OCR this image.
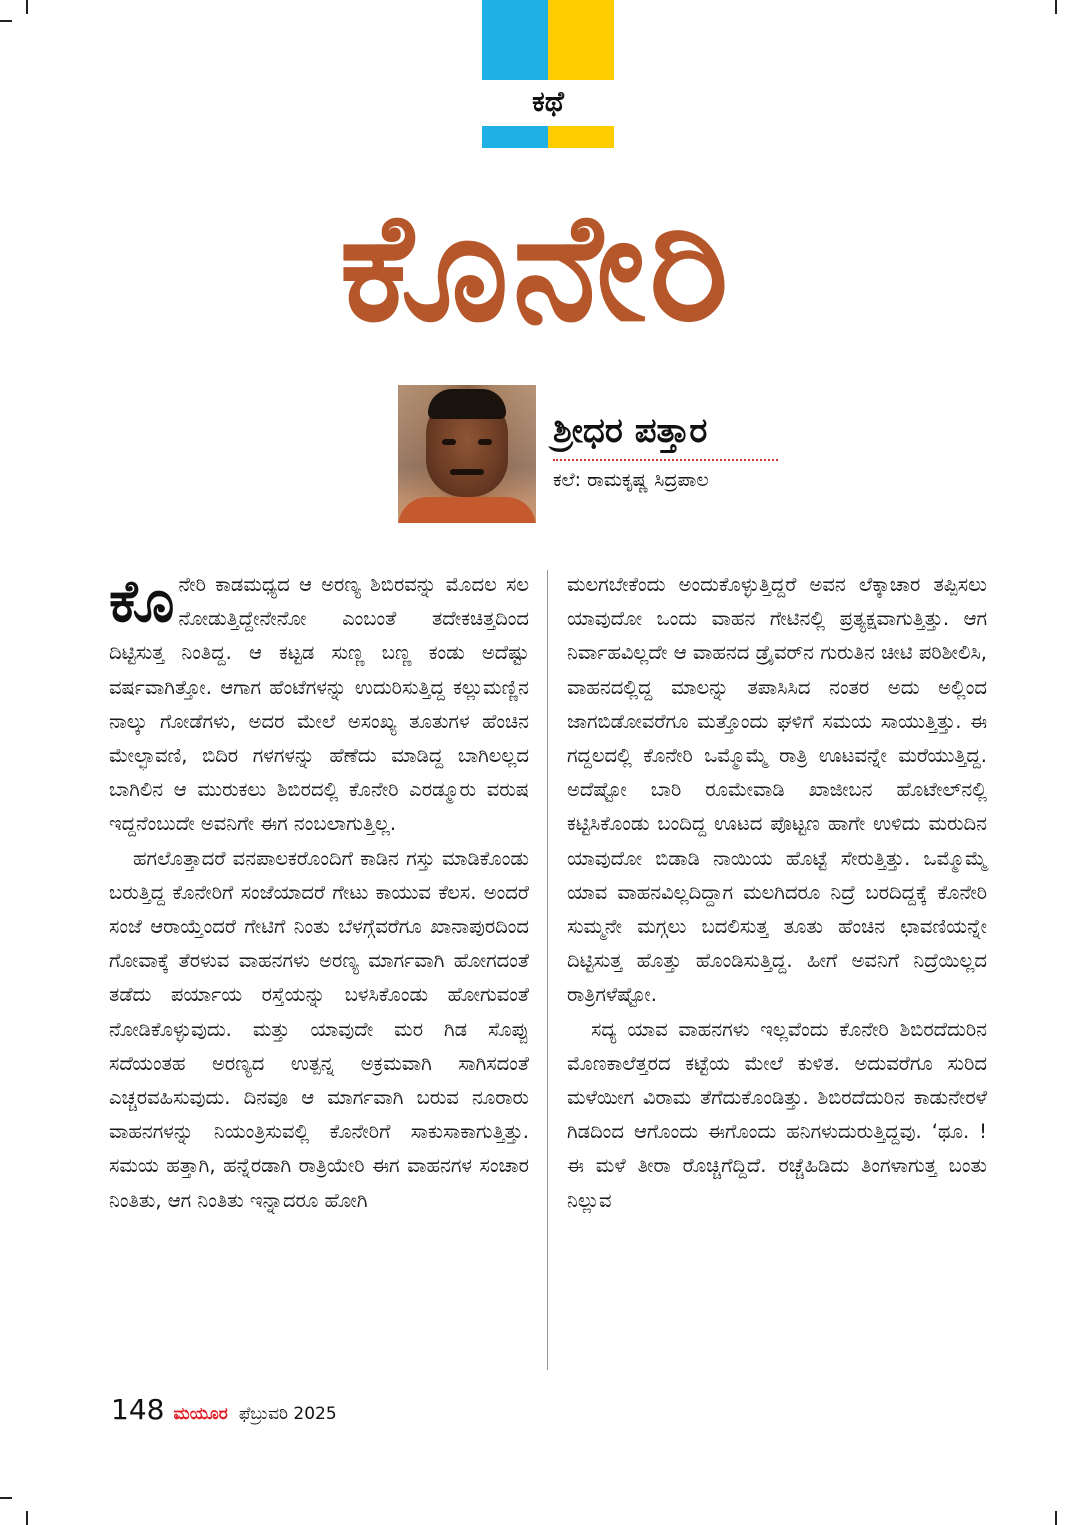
ಕಥೆ
ಕೊನೇರಿ
ಶ್ರೀಧರ ಪತ್ತಾರ
ಕಲೆ: ರಾಮಕೃಷ್ಣ ಸಿದ್ರಪಾಲ

ಕೊನೇರಿ ಕಾಡಮಧ್ಯದ ಆ ಅರಣ್ಯ ಶಿಬಿರವನ್ನು ಮೊದಲ ಸಲ ನೋಡುತ್ತಿದ್ದೇನೇನೋ ಎಂಬಂತೆ ತದೇಕಚಿತ್ತದಿಂದ ದಿಟ್ಟಿಸುತ್ತ ನಿಂತಿದ್ದ. ಆ ಕಟ್ಟಡ ಸುಣ್ಣ ಬಣ್ಣ ಕಂಡು ಅದೆಷ್ಟು ವರ್ಷವಾಗಿತ್ತೋ. ಆಗಾಗ ಹೆಂಟೆಗಳನ್ನು ಉದುರಿಸುತ್ತಿದ್ದ ಕಲ್ಲುಮಣ್ಣಿನ ನಾಲ್ಕು ಗೋಡೆಗಳು, ಅದರ ಮೇಲೆ ಅಸಂಖ್ಯ ತೂತುಗಳ ಹೆಂಚಿನ ಮೇಲ್ಛಾವಣಿ, ಬಿದಿರ ಗಳಗಳನ್ನು ಹೆಣೆದು ಮಾಡಿದ್ದ ಬಾಗಿಲಲ್ಲದ ಬಾಗಿಲಿನ ಆ ಮುರುಕಲು ಶಿಬಿರದಲ್ಲಿ ಕೊನೇರಿ ಎರಡ್ಮೂರು ವರುಷ ಇದ್ದನೆಂಬುದೇ ಅವನಿಗೇ ಈಗ ನಂಬಲಾಗುತ್ತಿಲ್ಲ.

ಹಗಲೊತ್ತಾದರೆ ವನಪಾಲಕರೊಂದಿಗೆ ಕಾಡಿನ ಗಸ್ತು ಮಾಡಿಕೊಂಡು ಬರುತ್ತಿದ್ದ ಕೊನೇರಿಗೆ ಸಂಜೆಯಾದರೆ ಗೇಟು ಕಾಯುವ ಕೆಲಸ. ಅಂದರೆ ಸಂಜೆ ಆರಾಯ್ತೆಂದರೆ ಗೇಟಿಗೆ ನಿಂತು ಬೆಳಗ್ಗೆವರೆಗೂ ಖಾನಾಪುರದಿಂದ ಗೋವಾಕ್ಕೆ ತೆರಳುವ ವಾಹನಗಳು ಅರಣ್ಯ ಮಾರ್ಗವಾಗಿ ಹೋಗದಂತೆ ತಡೆದು ಪರ್ಯಾಯ ರಸ್ತೆಯನ್ನು ಬಳಸಿಕೊಂಡು ಹೋಗುವಂತೆ ನೋಡಿಕೊಳ್ಳುವುದು. ಮತ್ತು ಯಾವುದೇ ಮರ ಗಿಡ ಸೊಪ್ಪು ಸದೆಯಂತಹ ಅರಣ್ಯದ ಉತ್ಪನ್ನ ಅಕ್ರಮವಾಗಿ ಸಾಗಿಸದಂತೆ ಎಚ್ಚರವಹಿಸುವುದು. ದಿನವೂ ಆ ಮಾರ್ಗವಾಗಿ ಬರುವ ನೂರಾರು ವಾಹನಗಳನ್ನು ನಿಯಂತ್ರಿಸುವಲ್ಲಿ ಕೊನೇರಿಗೆ ಸಾಕುಸಾಕಾಗುತ್ತಿತ್ತು. ಸಮಯ ಹತ್ತಾಗಿ, ಹನ್ನೆರಡಾಗಿ ರಾತ್ರಿಯೇರಿ ಈಗ ವಾಹನಗಳ ಸಂಚಾರ ನಿಂತಿತು, ಆಗ ನಿಂತಿತು ಇನ್ನಾದರೂ ಹೋಗಿ

ಮಲಗಬೇಕೆಂದು ಅಂದುಕೊಳ್ಳುತ್ತಿದ್ದರೆ ಅವನ ಲೆಕ್ಕಾಚಾರ ತಪ್ಪಿಸಲು ಯಾವುದೋ ಒಂದು ವಾಹನ ಗೇಟಿನಲ್ಲಿ ಪ್ರತ್ಯಕ್ಷವಾಗುತ್ತಿತ್ತು. ಆಗ ನಿರ್ವಾಹವಿಲ್ಲದೇ ಆ ವಾಹನದ ಡ್ರೈವರ್‌ನ ಗುರುತಿನ ಚೀಟಿ ಪರಿಶೀಲಿಸಿ, ವಾಹನದಲ್ಲಿದ್ದ ಮಾಲನ್ನು ತಪಾಸಿಸಿದ ನಂತರ ಅದು ಅಲ್ಲಿಂದ ಜಾಗಬಿಡೋವರೆಗೂ ಮತ್ತೊಂದು ಘಳಿಗೆ ಸಮಯ ಸಾಯುತ್ತಿತ್ತು. ಈ ಗದ್ದಲದಲ್ಲಿ ಕೊನೇರಿ ಒಮ್ಮೊಮ್ಮೆ ರಾತ್ರಿ ಊಟವನ್ನೇ ಮರೆಯುತ್ತಿದ್ದ. ಅದೆಷ್ಟೋ ಬಾರಿ ರೂಮೇವಾಡಿ ಖಾಜೀಬನ ಹೊಟೇಲ್‌ನಲ್ಲಿ ಕಟ್ಟಿಸಿಕೊಂಡು ಬಂದಿದ್ದ ಊಟದ ಪೊಟ್ಟಣ ಹಾಗೇ ಉಳಿದು ಮರುದಿನ ಯಾವುದೋ ಬಿಡಾಡಿ ನಾಯಿಯ ಹೊಟ್ಟೆ ಸೇರುತ್ತಿತ್ತು. ಒಮ್ಮೊಮ್ಮೆ ಯಾವ ವಾಹನವಿಲ್ಲದಿದ್ದಾಗ ಮಲಗಿದರೂ ನಿದ್ರೆ ಬರದಿದ್ದಕ್ಕೆ ಕೊನೇರಿ ಸುಮ್ಮನೇ ಮಗ್ಗಲು ಬದಲಿಸುತ್ತ ತೂತು ಹೆಂಚಿನ ಛಾವಣಿಯನ್ನೇ ದಿಟ್ಟಿಸುತ್ತ ಹೊತ್ತು ಹೊಂಡಿಸುತ್ತಿದ್ದ. ಹೀಗೆ ಅವನಿಗೆ ನಿದ್ರೆಯಿಲ್ಲದ ರಾತ್ರಿಗಳೆಷ್ಟೋ.

ಸದ್ಯ ಯಾವ ವಾಹನಗಳು ಇಲ್ಲವೆಂದು ಕೊನೇರಿ ಶಿಬಿರದೆದುರಿನ ಮೊಣಕಾಲೆತ್ತರದ ಕಟ್ಟೆಯ ಮೇಲೆ ಕುಳಿತ. ಅದುವರೆಗೂ ಸುರಿದ ಮಳೆಯೀಗ ವಿರಾಮ ತೆಗೆದುಕೊಂಡಿತ್ತು. ಶಿಬಿರದೆದುರಿನ ಕಾಡುನೇರಳೆ ಗಿಡದಿಂದ ಆಗೊಂದು ಈಗೊಂದು ಹನಿಗಳುದುರುತ್ತಿದ್ದವು. ‘ಥೂ. ! ಈ ಮಳೆ ತೀರಾ ರೊಚ್ಚಿಗೆದ್ದಿದೆ. ರಚ್ಚೆಹಿಡಿದು ತಿಂಗಳಾಗುತ್ತ ಬಂತು ನಿಲ್ಲುವ

148 ಮಯೂರ ಫೆಬ್ರುವರಿ 2025
